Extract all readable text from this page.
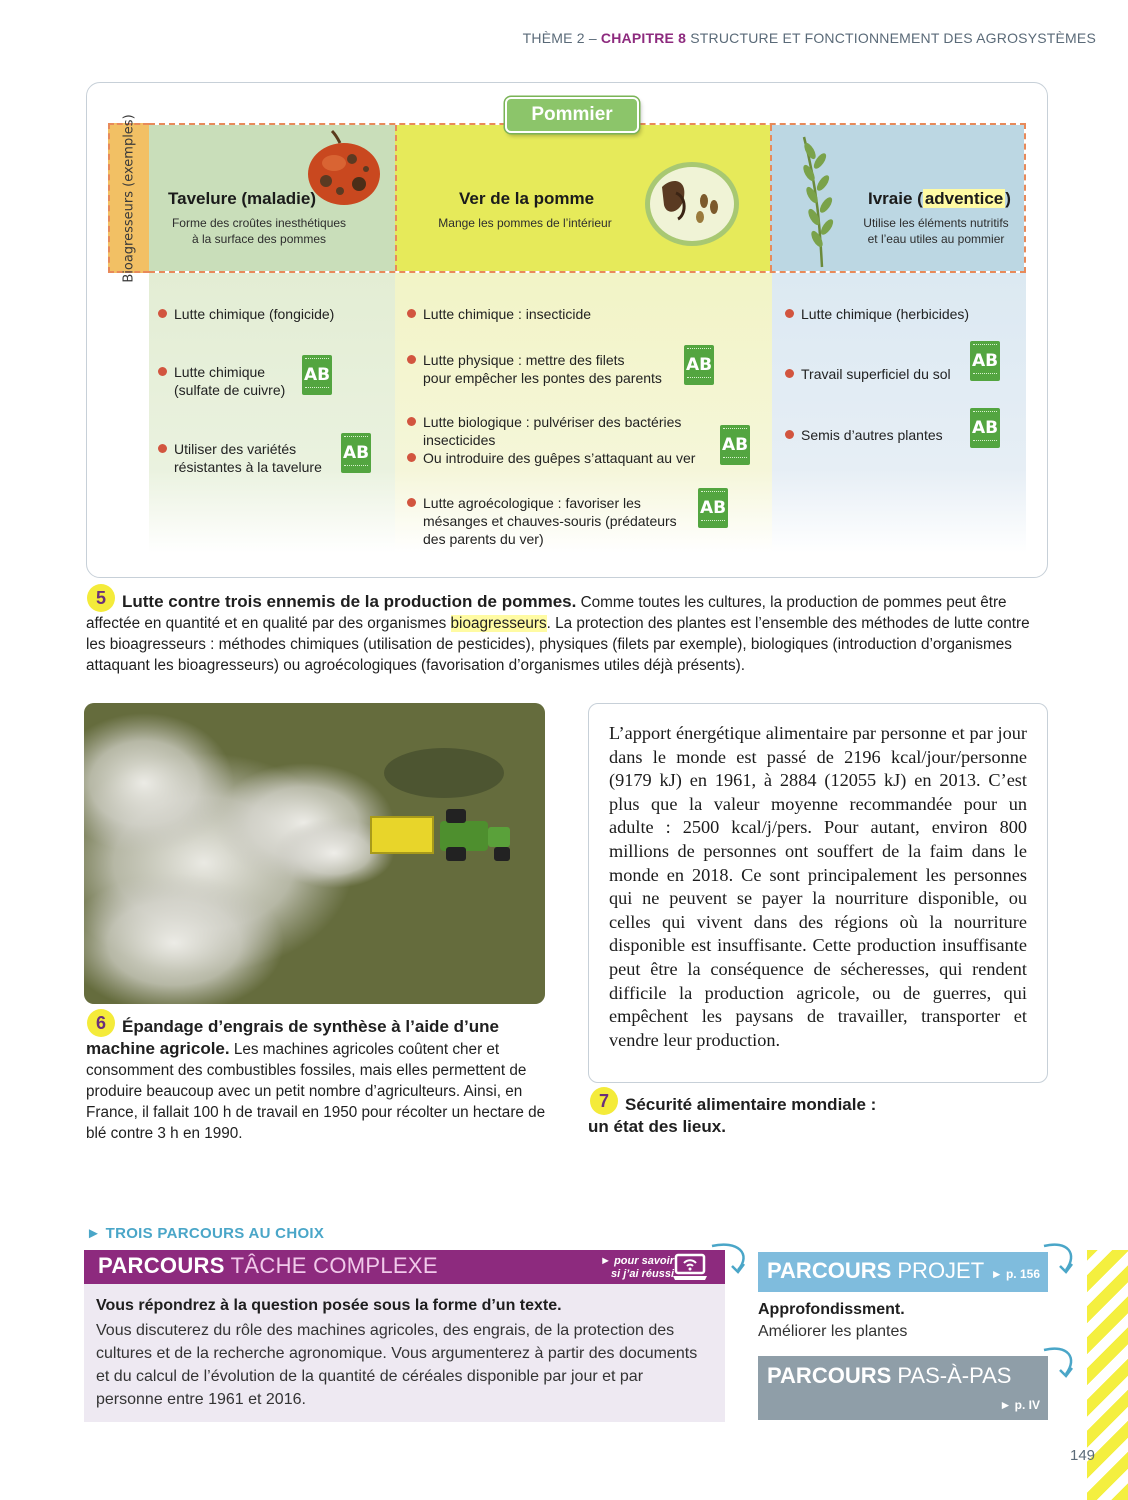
THÈME 2 – CHAPITRE 8 STRUCTURE ET FONCTIONNEMENT DES AGROSYSTÈMES
Pommier
Bioagresseurs (exemples) Tavelure (maladie)
Forme des croûtes inesthétiques
à la surface des pommes
Ver de la pomme
Mange les pommes de l’intérieur
Ivraie ( adventice )
Utilise les éléments nutritifs
et l’eau utiles au pommier
Lutte chimique (fongicide)
Lutte chimique
(sulfate de cuivre)
AB
Utiliser des variétés
résistantes à la tavelure
AB
Lutte chimique : insecticide
Lutte physique : mettre des filets
pour empêcher les pontes des parents
AB
Lutte biologique : pulvériser des bactéries
insecticides
Ou introduire des guêpes s’attaquant au ver
AB
Lutte agroécologique : favoriser les
mésanges et chauves-souris (prédateurs
des parents du ver)
AB
Lutte chimique (herbicides)
Travail superficiel du sol
AB
Semis d’autres plantes AB
5 Lutte contre trois ennemis de la production de pommes. Comme toutes les cultures, la production de pommes peut être affectée en quantité et en qualité par des organismes bioagresseurs. La protection des plantes est l’ensemble des méthodes de lutte contre les bioagresseurs : méthodes chimiques (utilisation de pesticides), physiques (filets par exemple), biologiques (introduction d’organismes attaquant les bioagresseurs) ou agroécologiques (favorisation d’organismes utiles déjà présents).
6 Épandage d’engrais de synthèse à l’aide d’une machine agricole. Les machines agricoles coûtent cher et consomment des combustibles fossiles, mais elles permettent de produire beaucoup avec un petit nombre d’agriculteurs. Ainsi, en France, il fallait 100 h de travail en 1950 pour récolter un hectare de blé contre 3 h en 1990.
L’apport énergétique alimentaire par personne et par jour dans le monde est passé de 2196 kcal/jour/personne (9179 kJ) en 1961, à 2884 (12055 kJ) en 2013. C’est plus que la valeur moyenne recommandée pour un adulte : 2500 kcal/j/pers. Pour autant, environ 800 millions de personnes ont souffert de la faim dans le monde en 2018. Ce sont principalement les personnes qui ne peuvent se payer la nourriture disponible, ou celles qui vivent dans des régions où la nourriture disponible est insuffisante. Cette production insuffisante peut être la conséquence de sécheresses, qui rendent difficile la production agricole, ou de guerres, qui empêchent les paysans de travailler, transporter et vendre leur production.
7 Sécurité alimentaire mondiale :
un état des lieux.
► TROIS PARCOURS AU CHOIX
PARCOURS TÂCHE COMPLEXE	► pour savoir
si j’ai réussi
Vous répondrez à la question posée sous la forme d’un texte.
Vous discuterez du rôle des machines agricoles, des engrais, de la protection des cultures et de la recherche agronomique. Vous argumenterez à partir des documents et du calcul de l’évolution de la quantité de céréales disponible par jour et par personne entre 1961 et 2016.
PARCOURS PROJET ► p. 156
Approfondissment.
Améliorer les plantes
PARCOURS PAS-À-PAS
► p. IV
149
